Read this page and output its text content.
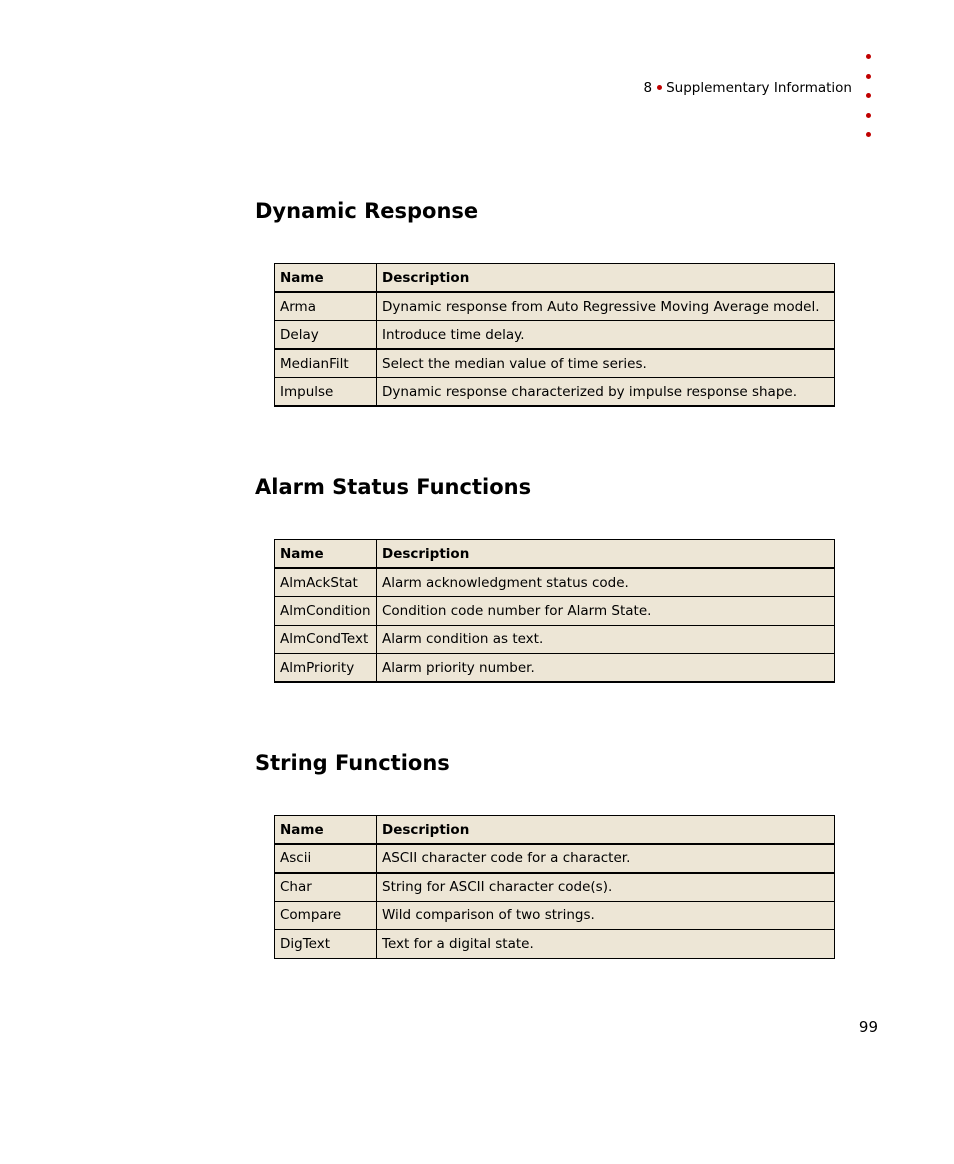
8 Supplementary Information
Dynamic Response
Name	Description
Arma	Dynamic response from Auto Regressive Moving Average model.
Delay	Introduce time delay.
MedianFilt	Select the median value of time series.
Impulse	Dynamic response characterized by impulse response shape.
Alarm Status Functions
Name	Description
AlmAckStat	Alarm acknowledgment status code.
AlmCondition	Condition code number for Alarm State.
AlmCondText	Alarm condition as text.
AlmPriority	Alarm priority number.
String Functions
Name	Description
Ascii	ASCII character code for a character.
Char	String for ASCII character code(s).
Compare	Wild comparison of two strings.
DigText	Text for a digital state.
99
